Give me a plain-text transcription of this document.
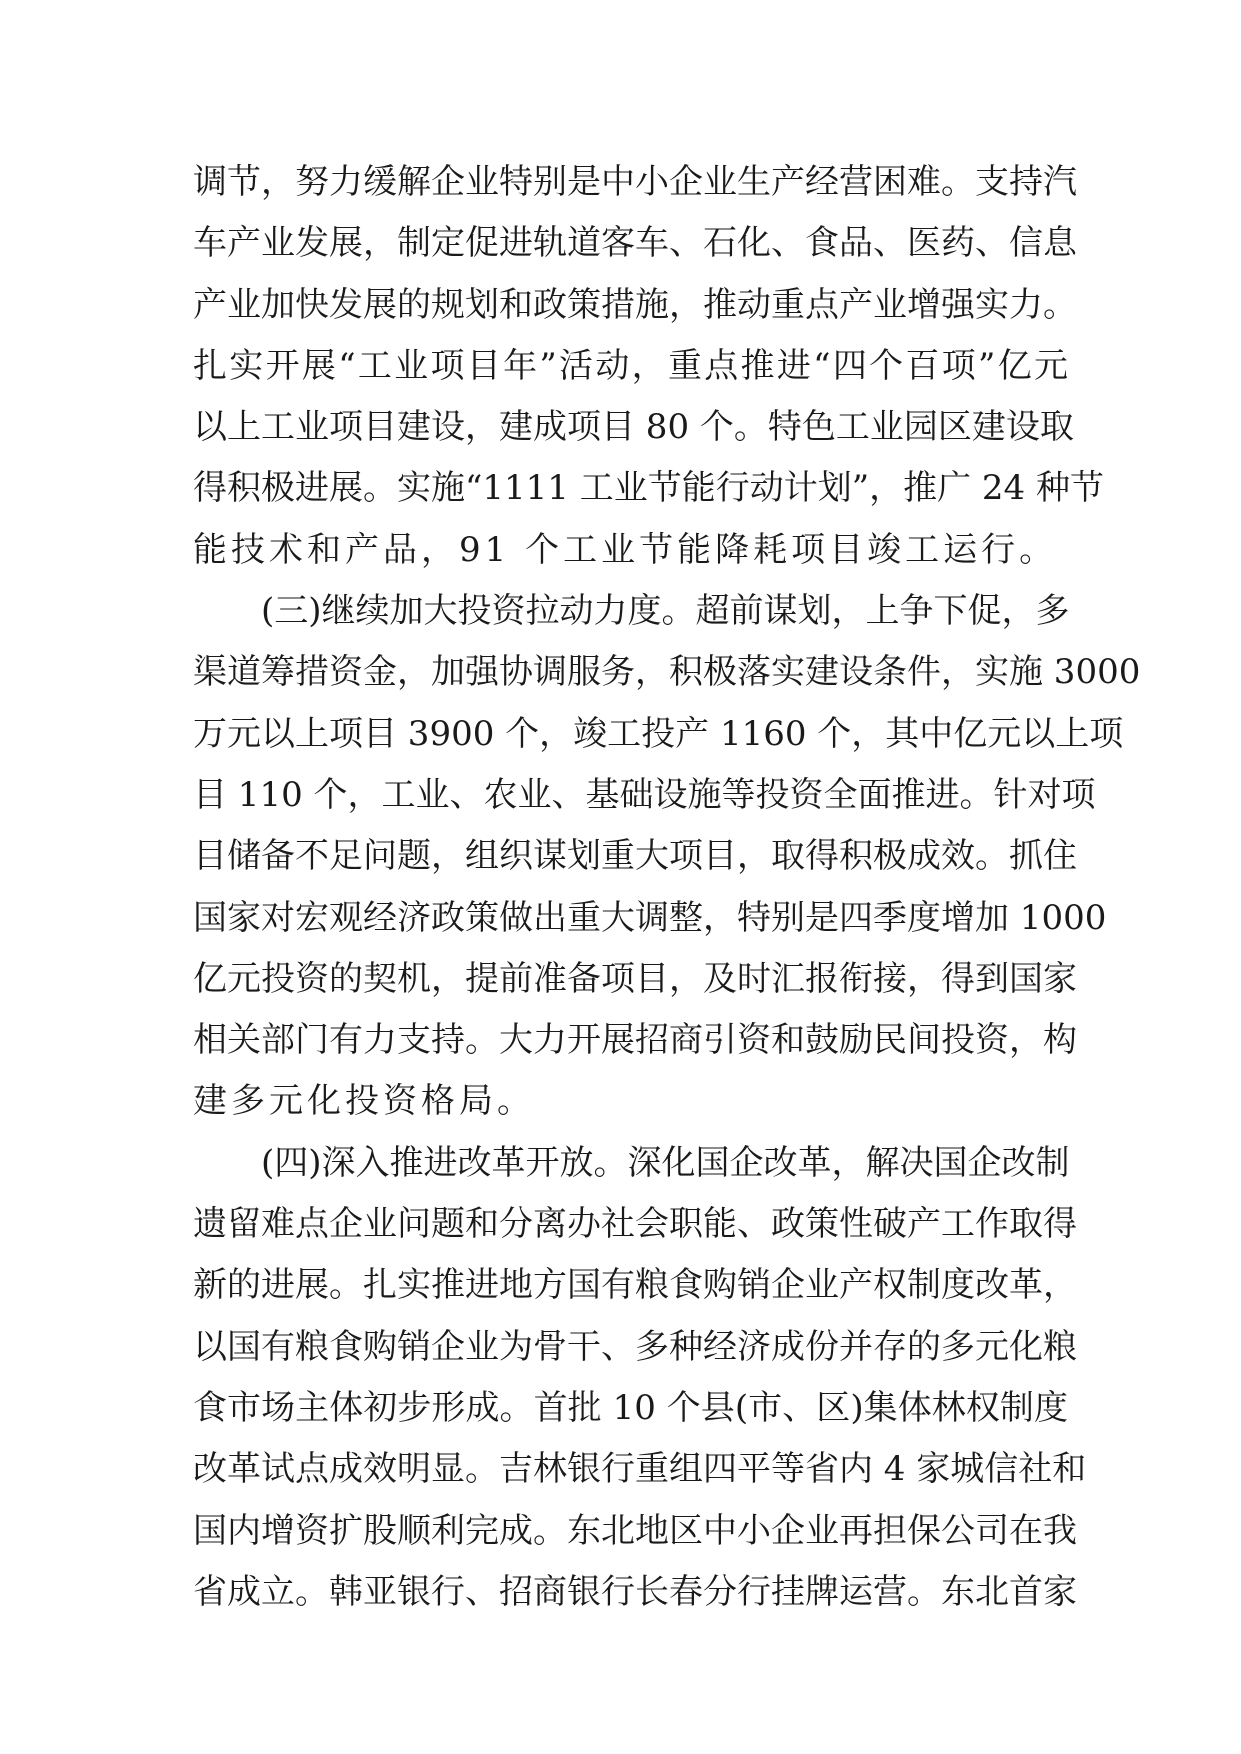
调节，努力缓解企业特别是中小企业生产经营困难。支持汽
车产业发展，制定促进轨道客车、石化、食品、医药、信息
产业加快发展的规划和政策措施，推动重点产业增强实力。
扎实开展“工业项目年”活动，重点推进“四个百项”亿元
以上工业项目建设，建成项目 80 个。特色工业园区建设取
得积极进展。实施“1111 工业节能行动计划”，推广 24 种节
能技术和产品，91 个工业节能降耗项目竣工运行。
(三)继续加大投资拉动力度。超前谋划，上争下促，多
渠道筹措资金，加强协调服务，积极落实建设条件，实施 3000
万元以上项目 3900 个，竣工投产 1160 个，其中亿元以上项
目 110 个，工业、农业、基础设施等投资全面推进。针对项
目储备不足问题，组织谋划重大项目，取得积极成效。抓住
国家对宏观经济政策做出重大调整，特别是四季度增加 1000
亿元投资的契机，提前准备项目，及时汇报衔接，得到国家
相关部门有力支持。大力开展招商引资和鼓励民间投资，构
建多元化投资格局。
(四)深入推进改革开放。深化国企改革，解决国企改制
遗留难点企业问题和分离办社会职能、政策性破产工作取得
新的进展。扎实推进地方国有粮食购销企业产权制度改革，
以国有粮食购销企业为骨干、多种经济成份并存的多元化粮
食市场主体初步形成。首批 10 个县(市、区)集体林权制度
改革试点成效明显。吉林银行重组四平等省内 4 家城信社和
国内增资扩股顺利完成。东北地区中小企业再担保公司在我
省成立。韩亚银行、招商银行长春分行挂牌运营。东北首家
